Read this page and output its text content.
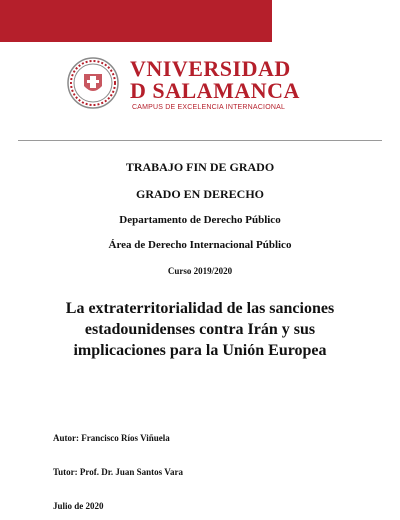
VNIVERSIDAD
D SALAMANCA
CAMPUS DE EXCELENCIA INTERNACIONAL
TRABAJO FIN DE GRADO
GRADO EN DERECHO
Departamento de Derecho Público
Área de Derecho Internacional Público
Curso 2019/2020
La extraterritorialidad de las sanciones
estadounidenses contra Irán y sus
implicaciones para la Unión Europea
Autor: Francisco Ríos Viñuela
Tutor: Prof. Dr. Juan Santos Vara
Julio de 2020
